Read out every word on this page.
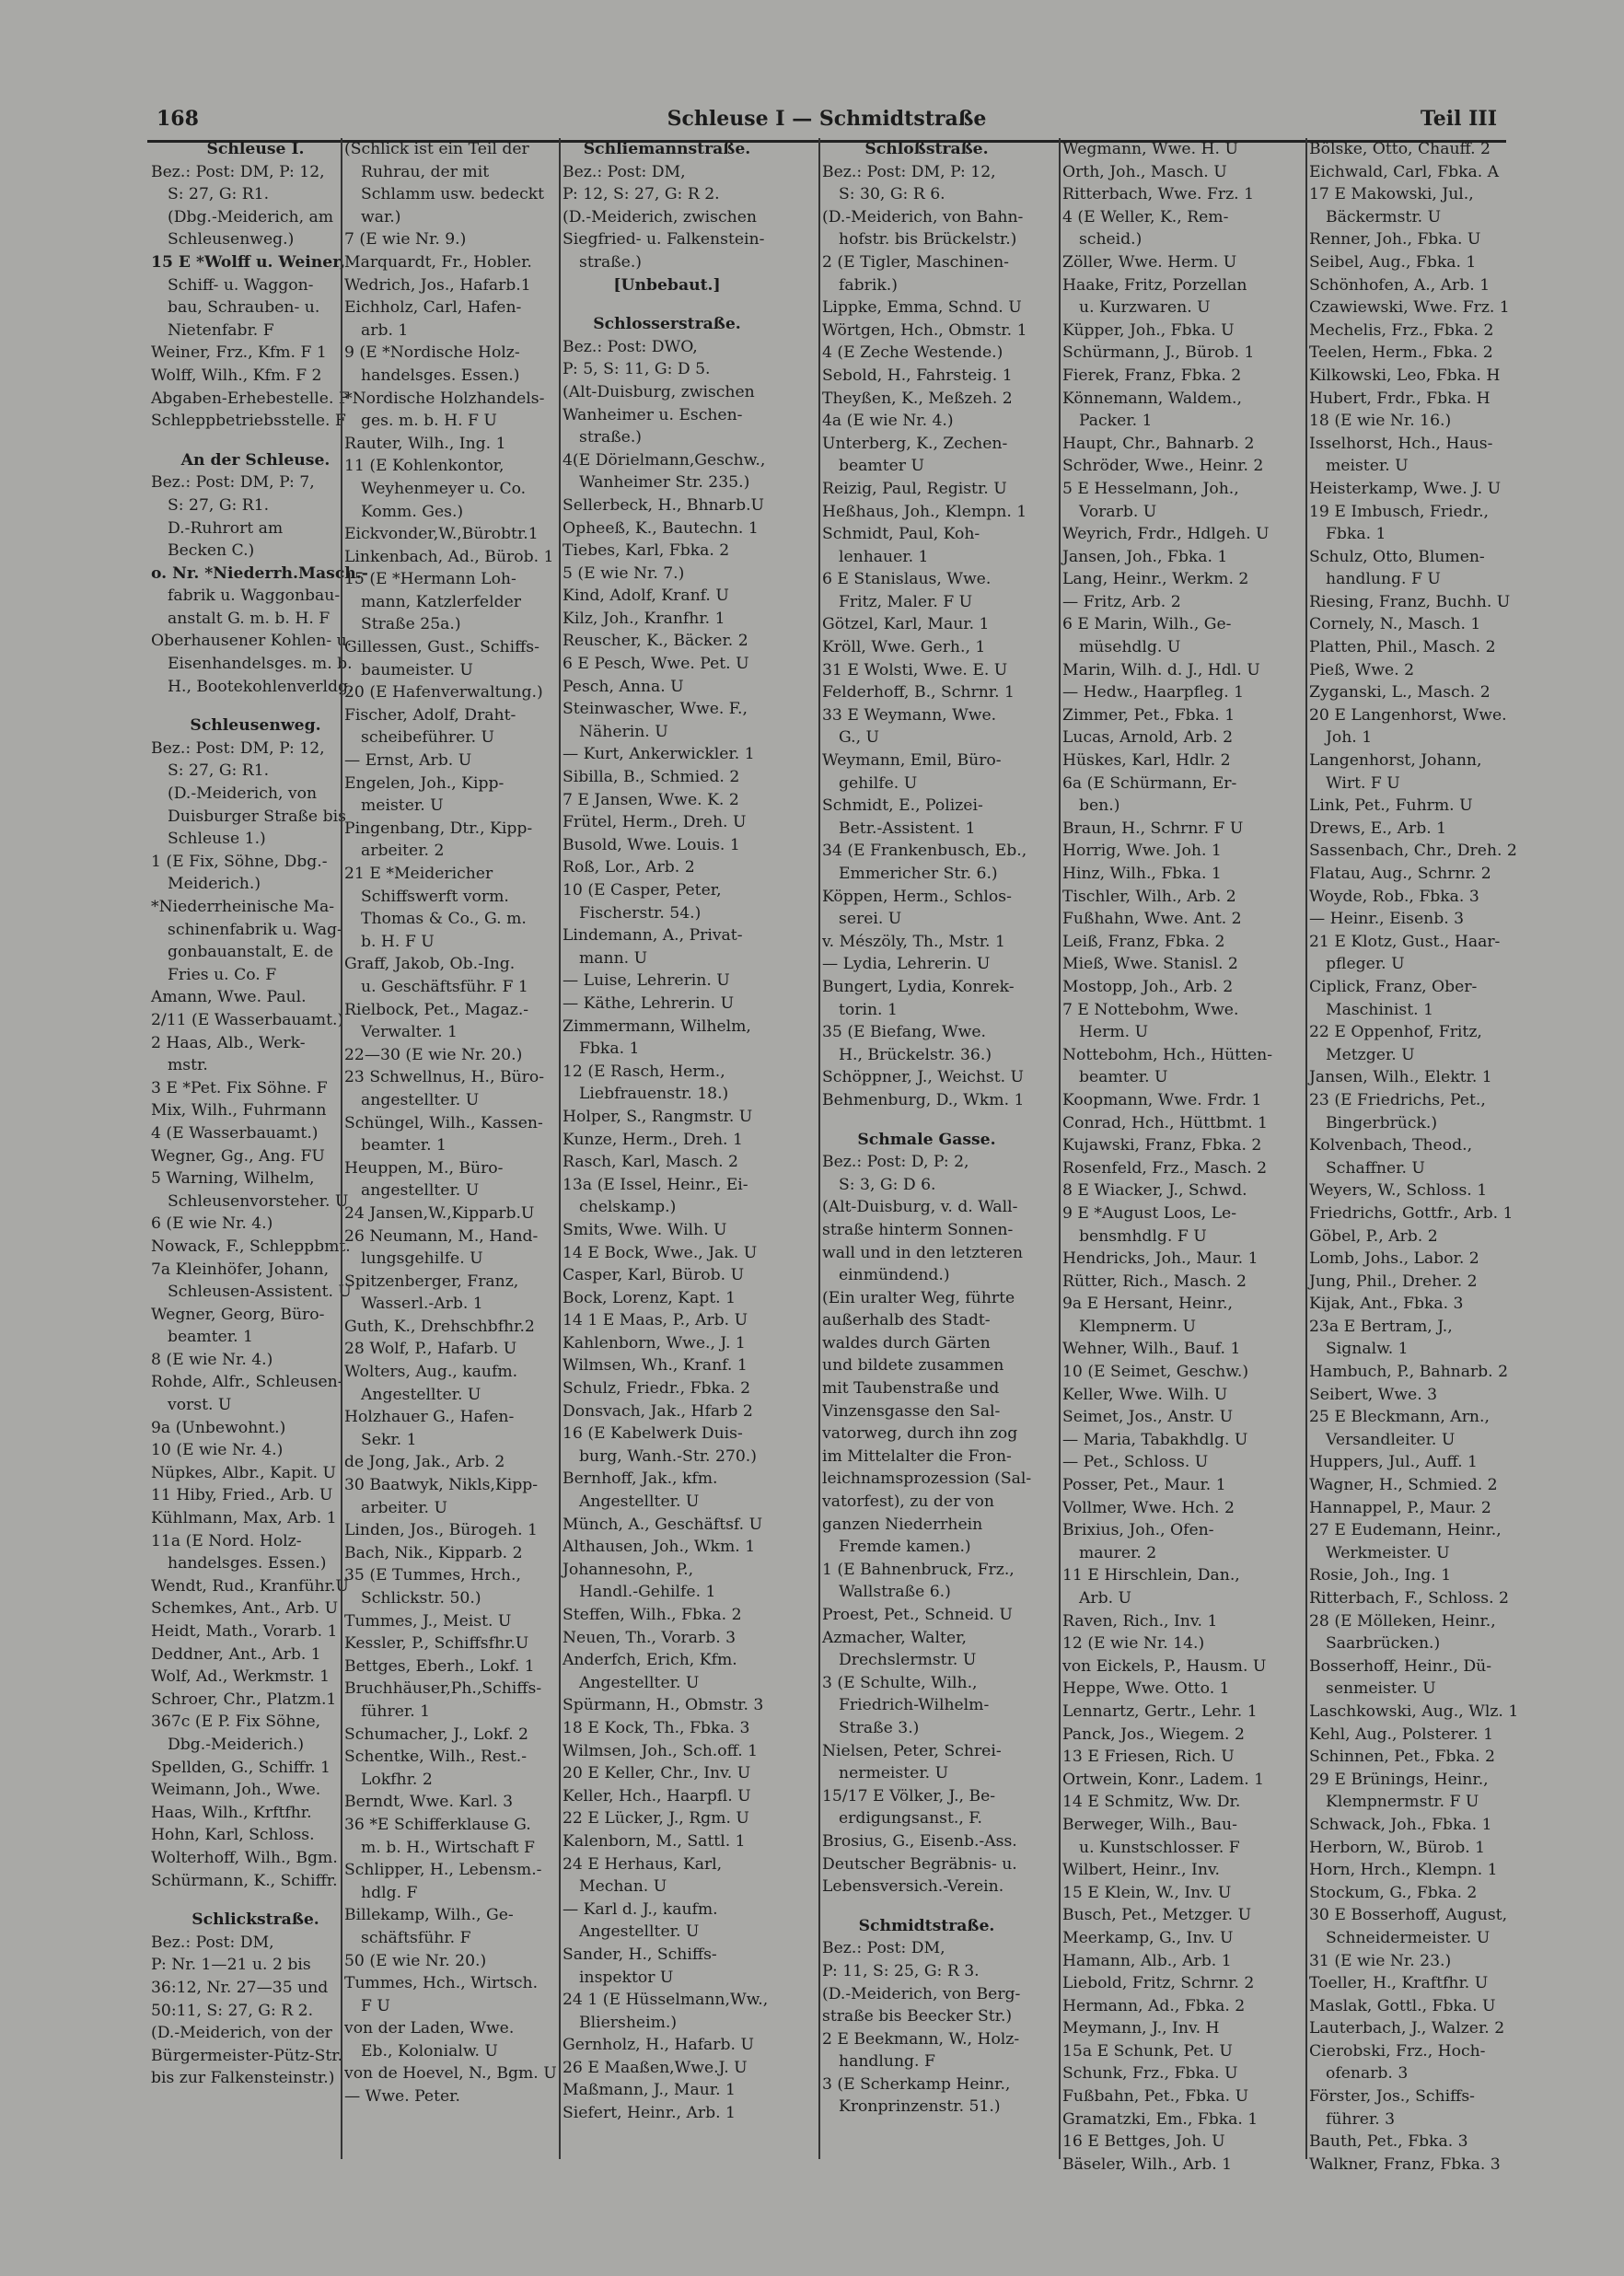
168	Schleuse I — Schmidtstraße	Teil III
Schleuse I.
Bez.: Post: DM, P: 12,
S: 27, G: R1.
(Dbg.-Meiderich, am
Schleusenweg.)
15 E *Wolff u. Weiner,
Schiff- u. Waggon-
bau, Schrauben- u.
Nietenfabr. F
Weiner, Frz., Kfm. F 1
Wolff, Wilh., Kfm. F 2
Abgaben-Erhebestelle. F
Schleppbetriebsstelle. F
An der Schleuse.
Bez.: Post: DM, P: 7,
S: 27, G: R1.
D.-Ruhrort am
Becken C.)
o. Nr. *Niederrh.Masch.-
fabrik u. Waggonbau-
anstalt G. m. b. H. F
Oberhausener Kohlen- u.
Eisenhandelsges. m. b.
H., Bootekohlenverldg.
Schleusenweg.
Bez.: Post: DM, P: 12,
S: 27, G: R1.
(D.-Meiderich, von
Duisburger Straße bis
Schleuse 1.)
1 (E Fix, Söhne, Dbg.-
Meiderich.)
*Niederrheinische Ma-
schinenfabrik u. Wag-
gonbauanstalt, E. de
Fries u. Co. F
Amann, Wwe. Paul.
2/11 (E Wasserbauamt.)
2 Haas, Alb., Werk-
mstr.
3 E *Pet. Fix Söhne. F
Mix, Wilh., Fuhrmann
4 (E Wasserbauamt.)
Wegner, Gg., Ang. FU
5 Warning, Wilhelm,
Schleusenvorsteher. U
6 (E wie Nr. 4.)
Nowack, F., Schleppbmt.
7a Kleinhöfer, Johann,
Schleusen-Assistent. U
Wegner, Georg, Büro-
beamter. 1
8 (E wie Nr. 4.)
Rohde, Alfr., Schleusen-
vorst. U
9a (Unbewohnt.)
10 (E wie Nr. 4.)
Nüpkes, Albr., Kapit. U
11 Hiby, Fried., Arb. U
Kühlmann, Max, Arb. 1
11a (E Nord. Holz-
handelsges. Essen.)
Wendt, Rud., Kranführ.U
Schemkes, Ant., Arb. U
Heidt, Math., Vorarb. 1
Deddner, Ant., Arb. 1
Wolf, Ad., Werkmstr. 1
Schroer, Chr., Platzm.1
367c (E P. Fix Söhne,
Dbg.-Meiderich.)
Spellden, G., Schiffr. 1
Weimann, Joh., Wwe.
Haas, Wilh., Krftfhr.
Hohn, Karl, Schloss.
Wolterhoff, Wilh., Bgm.
Schürmann, K., Schiffr.
Schlickstraße.
Bez.: Post: DM,
P: Nr. 1—21 u. 2 bis
36:12, Nr. 27—35 und
50:11, S: 27, G: R 2.
(D.-Meiderich, von der
Bürgermeister-Pütz-Str.
bis zur Falkensteinstr.)
(Schlick ist ein Teil der
Ruhrau, der mit
Schlamm usw. bedeckt
war.)
7 (E wie Nr. 9.)
Marquardt, Fr., Hobler.
Wedrich, Jos., Hafarb.1
Eichholz, Carl, Hafen-
arb. 1
9 (E *Nordische Holz-
handelsges. Essen.)
*Nordische Holzhandels-
ges. m. b. H. F U
Rauter, Wilh., Ing. 1
11 (E Kohlenkontor,
Weyhenmeyer u. Co.
Komm. Ges.)
Eickvonder,W.,Bürobtr.1
Linkenbach, Ad., Bürob. 1
15 (E *Hermann Loh-
mann, Katzlerfelder
Straße 25a.)
Gillessen, Gust., Schiffs-
baumeister. U
20 (E Hafenverwaltung.)
Fischer, Adolf, Draht-
scheibeführer. U
— Ernst, Arb. U
Engelen, Joh., Kipp-
meister. U
Pingenbang, Dtr., Kipp-
arbeiter. 2
21 E *Meidericher
Schiffswerft vorm.
Thomas & Co., G. m.
b. H. F U
Graff, Jakob, Ob.-Ing.
u. Geschäftsführ. F 1
Rielbock, Pet., Magaz.-
Verwalter. 1
22—30 (E wie Nr. 20.)
23 Schwellnus, H., Büro-
angestellter. U
Schüngel, Wilh., Kassen-
beamter. 1
Heuppen, M., Büro-
angestellter. U
24 Jansen,W.,Kipparb.U
26 Neumann, M., Hand-
lungsgehilfe. U
Spitzenberger, Franz,
Wasserl.-Arb. 1
Guth, K., Drehschbfhr.2
28 Wolf, P., Hafarb. U
Wolters, Aug., kaufm.
Angestellter. U
Holzhauer G., Hafen-
Sekr. 1
de Jong, Jak., Arb. 2
30 Baatwyk, Nikls,Kipp-
arbeiter. U
Linden, Jos., Bürogeh. 1
Bach, Nik., Kipparb. 2
35 (E Tummes, Hrch.,
Schlickstr. 50.)
Tummes, J., Meist. U
Kessler, P., Schiffsfhr.U
Bettges, Eberh., Lokf. 1
Bruchhäuser,Ph.,Schiffs-
führer. 1
Schumacher, J., Lokf. 2
Schentke, Wilh., Rest.-
Lokfhr. 2
Berndt, Wwe. Karl. 3
36 *E Schifferklause G.
m. b. H., Wirtschaft F
Schlipper, H., Lebensm.-
hdlg. F
Billekamp, Wilh., Ge-
schäftsführ. F
50 (E wie Nr. 20.)
Tummes, Hch., Wirtsch.
F U
von der Laden, Wwe.
Eb., Kolonialw. U
von de Hoevel, N., Bgm. U
— Wwe. Peter.
Schliemannstraße.
Bez.: Post: DM,
P: 12, S: 27, G: R 2.
(D.-Meiderich, zwischen
Siegfried- u. Falkenstein-
straße.)
[Unbebaut.]
Schlosserstraße.
Bez.: Post: DWO,
P: 5, S: 11, G: D 5.
(Alt-Duisburg, zwischen
Wanheimer u. Eschen-
straße.)
4(E Dörielmann,Geschw.,
Wanheimer Str. 235.)
Sellerbeck, H., Bhnarb.U
Opheeß, K., Bautechn. 1
Tiebes, Karl, Fbka. 2
5 (E wie Nr. 7.)
Kind, Adolf, Kranf. U
Kilz, Joh., Kranfhr. 1
Reuscher, K., Bäcker. 2
6 E Pesch, Wwe. Pet. U
Pesch, Anna. U
Steinwascher, Wwe. F.,
Näherin. U
— Kurt, Ankerwickler. 1
Sibilla, B., Schmied. 2
7 E Jansen, Wwe. K. 2
Frütel, Herm., Dreh. U
Busold, Wwe. Louis. 1
Roß, Lor., Arb. 2
10 (E Casper, Peter,
Fischerstr. 54.)
Lindemann, A., Privat-
mann. U
— Luise, Lehrerin. U
— Käthe, Lehrerin. U
Zimmermann, Wilhelm,
Fbka. 1
12 (E Rasch, Herm.,
Liebfrauenstr. 18.)
Holper, S., Rangmstr. U
Kunze, Herm., Dreh. 1
Rasch, Karl, Masch. 2
13a (E Issel, Heinr., Ei-
chelskamp.)
Smits, Wwe. Wilh. U
14 E Bock, Wwe., Jak. U
Casper, Karl, Bürob. U
Bock, Lorenz, Kapt. 1
14 1 E Maas, P., Arb. U
Kahlenborn, Wwe., J. 1
Wilmsen, Wh., Kranf. 1
Schulz, Friedr., Fbka. 2
Donsvach, Jak., Hfarb 2
16 (E Kabelwerk Duis-
burg, Wanh.-Str. 270.)
Bernhoff, Jak., kfm.
Angestellter. U
Münch, A., Geschäftsf. U
Althausen, Joh., Wkm. 1
Johannesohn, P.,
Handl.-Gehilfe. 1
Steffen, Wilh., Fbka. 2
Neuen, Th., Vorarb. 3
Anderfch, Erich, Kfm.
Angestellter. U
Spürmann, H., Obmstr. 3
18 E Kock, Th., Fbka. 3
Wilmsen, Joh., Sch.off. 1
20 E Keller, Chr., Inv. U
Keller, Hch., Haarpfl. U
22 E Lücker, J., Rgm. U
Kalenborn, M., Sattl. 1
24 E Herhaus, Karl,
Mechan. U
— Karl d. J., kaufm.
Angestellter. U
Sander, H., Schiffs-
inspektor U
24 1 (E Hüsselmann,Ww.,
Bliersheim.)
Gernholz, H., Hafarb. U
26 E Maaßen,Wwe.J. U
Maßmann, J., Maur. 1
Siefert, Heinr., Arb. 1
Schloßstraße.
Bez.: Post: DM, P: 12,
S: 30, G: R 6.
(D.-Meiderich, von Bahn-
hofstr. bis Brückelstr.)
2 (E Tigler, Maschinen-
fabrik.)
Lippke, Emma, Schnd. U
Wörtgen, Hch., Obmstr. 1
4 (E Zeche Westende.)
Sebold, H., Fahrsteig. 1
Theyßen, K., Meßzeh. 2
4a (E wie Nr. 4.)
Unterberg, K., Zechen-
beamter U
Reizig, Paul, Registr. U
Heßhaus, Joh., Klempn. 1
Schmidt, Paul, Koh-
lenhauer. 1
6 E Stanislaus, Wwe.
Fritz, Maler. F U
Götzel, Karl, Maur. 1
Kröll, Wwe. Gerh., 1
31 E Wolsti, Wwe. E. U
Felderhoff, B., Schrnr. 1
33 E Weymann, Wwe.
G., U
Weymann, Emil, Büro-
gehilfe. U
Schmidt, E., Polizei-
Betr.-Assistent. 1
34 (E Frankenbusch, Eb.,
Emmericher Str. 6.)
Köppen, Herm., Schlos-
serei. U
v. Mészöly, Th., Mstr. 1
— Lydia, Lehrerin. U
Bungert, Lydia, Konrek-
torin. 1
35 (E Biefang, Wwe.
H., Brückelstr. 36.)
Schöppner, J., Weichst. U
Behmenburg, D., Wkm. 1
Schmale Gasse.
Bez.: Post: D, P: 2,
S: 3, G: D 6.
(Alt-Duisburg, v. d. Wall-
straße hinterm Sonnen-
wall und in den letzteren
einmündend.)
(Ein uralter Weg, führte
außerhalb des Stadt-
waldes durch Gärten
und bildete zusammen
mit Taubenstraße und
Vinzensgasse den Sal-
vatorweg, durch ihn zog
im Mittelalter die Fron-
leichnamsprozession (Sal-
vatorfest), zu der von
ganzen Niederrhein
Fremde kamen.)
1 (E Bahnenbruck, Frz.,
Wallstraße 6.)
Proest, Pet., Schneid. U
Azmacher, Walter,
Drechslermstr. U
3 (E Schulte, Wilh.,
Friedrich-Wilhelm-
Straße 3.)
Nielsen, Peter, Schrei-
nermeister. U
15/17 E Völker, J., Be-
erdigungsanst., F.
Brosius, G., Eisenb.-Ass.
Deutscher Begräbnis- u.
Lebensversich.-Verein.
Schmidtstraße.
Bez.: Post: DM,
P: 11, S: 25, G: R 3.
(D.-Meiderich, von Berg-
straße bis Beecker Str.)
2 E Beekmann, W., Holz-
handlung. F
3 (E Scherkamp Heinr.,
Kronprinzenstr. 51.)
Wegmann, Wwe. H. U
Orth, Joh., Masch. U
Ritterbach, Wwe. Frz. 1
4 (E Weller, K., Rem-
scheid.)
Zöller, Wwe. Herm. U
Haake, Fritz, Porzellan
u. Kurzwaren. U
Küpper, Joh., Fbka. U
Schürmann, J., Bürob. 1
Fierek, Franz, Fbka. 2
Könnemann, Waldem.,
Packer. 1
Haupt, Chr., Bahnarb. 2
Schröder, Wwe., Heinr. 2
5 E Hesselmann, Joh.,
Vorarb. U
Weyrich, Frdr., Hdlgeh. U
Jansen, Joh., Fbka. 1
Lang, Heinr., Werkm. 2
— Fritz, Arb. 2
6 E Marin, Wilh., Ge-
müsehdlg. U
Marin, Wilh. d. J., Hdl. U
— Hedw., Haarpfleg. 1
Zimmer, Pet., Fbka. 1
Lucas, Arnold, Arb. 2
Hüskes, Karl, Hdlr. 2
6a (E Schürmann, Er-
ben.)
Braun, H., Schrnr. F U
Horrig, Wwe. Joh. 1
Hinz, Wilh., Fbka. 1
Tischler, Wilh., Arb. 2
Fußhahn, Wwe. Ant. 2
Leiß, Franz, Fbka. 2
Mieß, Wwe. Stanisl. 2
Mostopp, Joh., Arb. 2
7 E Nottebohm, Wwe.
Herm. U
Nottebohm, Hch., Hütten-
beamter. U
Koopmann, Wwe. Frdr. 1
Conrad, Hch., Hüttbmt. 1
Kujawski, Franz, Fbka. 2
Rosenfeld, Frz., Masch. 2
8 E Wiacker, J., Schwd.
9 E *August Loos, Le-
bensmhdlg. F U
Hendricks, Joh., Maur. 1
Rütter, Rich., Masch. 2
9a E Hersant, Heinr.,
Klempnerm. U
Wehner, Wilh., Bauf. 1
10 (E Seimet, Geschw.)
Keller, Wwe. Wilh. U
Seimet, Jos., Anstr. U
— Maria, Tabakhdlg. U
— Pet., Schloss. U
Posser, Pet., Maur. 1
Vollmer, Wwe. Hch. 2
Brixius, Joh., Ofen-
maurer. 2
11 E Hirschlein, Dan.,
Arb. U
Raven, Rich., Inv. 1
12 (E wie Nr. 14.)
von Eickels, P., Hausm. U
Heppe, Wwe. Otto. 1
Lennartz, Gertr., Lehr. 1
Panck, Jos., Wiegem. 2
13 E Friesen, Rich. U
Ortwein, Konr., Ladem. 1
14 E Schmitz, Ww. Dr.
Berweger, Wilh., Bau-
u. Kunstschlosser. F
Wilbert, Heinr., Inv.
15 E Klein, W., Inv. U
Busch, Pet., Metzger. U
Meerkamp, G., Inv. U
Hamann, Alb., Arb. 1
Liebold, Fritz, Schrnr. 2
Hermann, Ad., Fbka. 2
Meymann, J., Inv. H
15a E Schunk, Pet. U
Schunk, Frz., Fbka. U
Fußbahn, Pet., Fbka. U
Gramatzki, Em., Fbka. 1
16 E Bettges, Joh. U
Bäseler, Wilh., Arb. 1
Bölske, Otto, Chauff. 2
Eichwald, Carl, Fbka. A
17 E Makowski, Jul.,
Bäckermstr. U
Renner, Joh., Fbka. U
Seibel, Aug., Fbka. 1
Schönhofen, A., Arb. 1
Czawiewski, Wwe. Frz. 1
Mechelis, Frz., Fbka. 2
Teelen, Herm., Fbka. 2
Kilkowski, Leo, Fbka. H
Hubert, Frdr., Fbka. H
18 (E wie Nr. 16.)
Isselhorst, Hch., Haus-
meister. U
Heisterkamp, Wwe. J. U
19 E Imbusch, Friedr.,
Fbka. 1
Schulz, Otto, Blumen-
handlung. F U
Riesing, Franz, Buchh. U
Cornely, N., Masch. 1
Platten, Phil., Masch. 2
Pieß, Wwe. 2
Zyganski, L., Masch. 2
20 E Langenhorst, Wwe.
Joh. 1
Langenhorst, Johann,
Wirt. F U
Link, Pet., Fuhrm. U
Drews, E., Arb. 1
Sassenbach, Chr., Dreh. 2
Flatau, Aug., Schrnr. 2
Woyde, Rob., Fbka. 3
— Heinr., Eisenb. 3
21 E Klotz, Gust., Haar-
pfleger. U
Ciplick, Franz, Ober-
Maschinist. 1
22 E Oppenhof, Fritz,
Metzger. U
Jansen, Wilh., Elektr. 1
23 (E Friedrichs, Pet.,
Bingerbrück.)
Kolvenbach, Theod.,
Schaffner. U
Weyers, W., Schloss. 1
Friedrichs, Gottfr., Arb. 1
Göbel, P., Arb. 2
Lomb, Johs., Labor. 2
Jung, Phil., Dreher. 2
Kijak, Ant., Fbka. 3
23a E Bertram, J.,
Signalw. 1
Hambuch, P., Bahnarb. 2
Seibert, Wwe. 3
25 E Bleckmann, Arn.,
Versandleiter. U
Huppers, Jul., Auff. 1
Wagner, H., Schmied. 2
Hannappel, P., Maur. 2
27 E Eudemann, Heinr.,
Werkmeister. U
Rosie, Joh., Ing. 1
Ritterbach, F., Schloss. 2
28 (E Mölleken, Heinr.,
Saarbrücken.)
Bosserhoff, Heinr., Dü-
senmeister. U
Laschkowski, Aug., Wlz. 1
Kehl, Aug., Polsterer. 1
Schinnen, Pet., Fbka. 2
29 E Brünings, Heinr.,
Klempnermstr. F U
Schwack, Joh., Fbka. 1
Herborn, W., Bürob. 1
Horn, Hrch., Klempn. 1
Stockum, G., Fbka. 2
30 E Bosserhoff, August,
Schneidermeister. U
31 (E wie Nr. 23.)
Toeller, H., Kraftfhr. U
Maslak, Gottl., Fbka. U
Lauterbach, J., Walzer. 2
Cierobski, Frz., Hoch-
ofenarb. 3
Förster, Jos., Schiffs-
führer. 3
Bauth, Pet., Fbka. 3
Walkner, Franz, Fbka. 3
